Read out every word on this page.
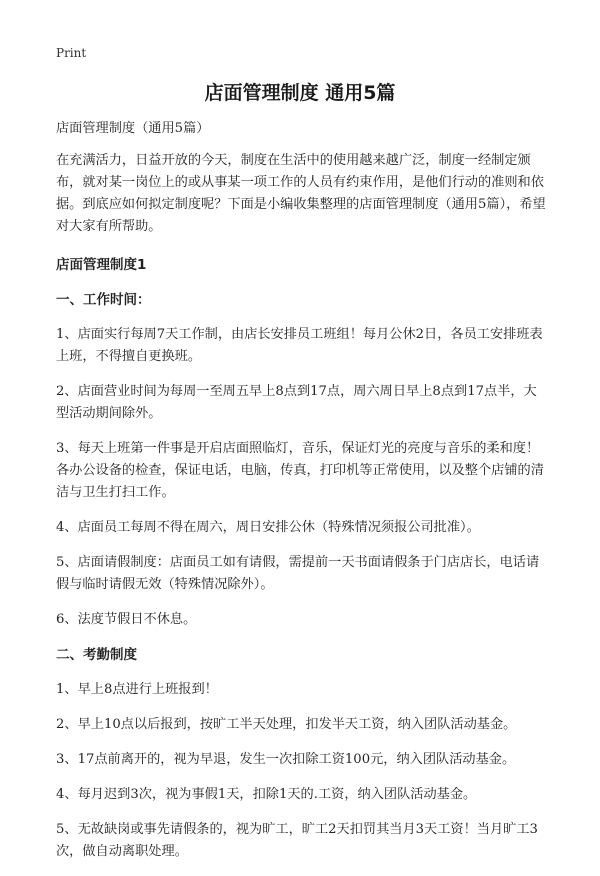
Print
店面管理制度 通用5篇

店面管理制度（通用5篇）

在充满活力，日益开放的今天，制度在生活中的使用越来越广泛，制度一经制定颁布，就对某一岗位上的或从事某一项工作的人员有约束作用，是他们行动的准则和依据。到底应如何拟定制度呢？下面是小编收集整理的店面管理制度（通用5篇），希望对大家有所帮助。

店面管理制度1

一、工作时间：

1、店面实行每周7天工作制，由店长安排员工班组！每月公休2日，各员工安排班表上班，不得擅自更换班。

2、店面营业时间为每周一至周五早上8点到17点，周六周日早上8点到17点半，大型活动期间除外。

3、每天上班第一件事是开启店面照临灯，音乐，保证灯光的亮度与音乐的柔和度！各办公设备的检查，保证电话，电脑，传真，打印机等正常使用，以及整个店铺的清洁与卫生打扫工作。

4、店面员工每周不得在周六，周日安排公休（特殊情况须报公司批准）。

5、店面请假制度：店面员工如有请假，需提前一天书面请假条于门店店长，电话请假与临时请假无效（特殊情况除外）。

6、法度节假日不休息。

二、考勤制度

1、早上8点进行上班报到！

2、早上10点以后报到，按旷工半天处理，扣发半天工资，纳入团队活动基金。

3、17点前离开的，视为早退，发生一次扣除工资100元，纳入团队活动基金。

4、每月迟到3次，视为事假1天，扣除1天的.工资，纳入团队活动基金。

5、无故缺岗或事先请假条的，视为旷工，旷工2天扣罚其当月3天工资！当月旷工3次，做自动离职处理。
